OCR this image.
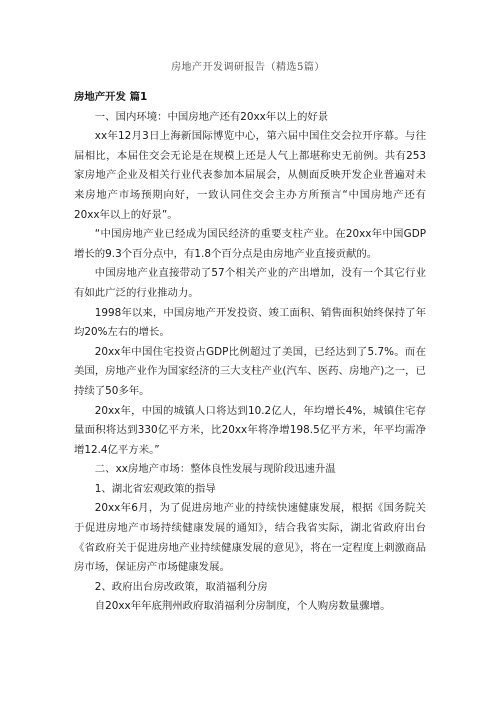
房地产开发调研报告（精选5篇）

房地产开发 篇1

一、国内环境：中国房地产还有20xx年以上的好景

xx年12月3日上海新国际博览中心，第六届中国住交会拉开序幕。与往届相比，本届住交会无论是在规模上还是人气上都堪称史无前例。共有253家房地产企业及相关行业代表参加本届展会，从侧面反映开发企业普遍对未来房地产市场预期向好，一致认同住交会主办方所预言“中国房地产还有20xx年以上的好景”。

“中国房地产业已经成为国民经济的重要支柱产业。在20xx年中国GDP增长的9.3个百分点中，有1.8个百分点是由房地产业直接贡献的。

中国房地产业直接带动了57个相关产业的产出增加，没有一个其它行业有如此广泛的行业推动力。

1998年以来，中国房地产开发投资、竣工面积、销售面积始终保持了年均20%左右的增长。

20xx年中国住宅投资占GDP比例超过了美国，已经达到了5.7%。而在美国，房地产业作为国家经济的三大支柱产业(汽车、医药、房地产)之一，已持续了50多年。

20xx年，中国的城镇人口将达到10.2亿人，年均增长4%，城镇住宅存量面积将达到330亿平方米，比20xx年将净增198.5亿平方米，年平均需净增12.4亿平方米。”

二、xx房地产市场：整体良性发展与现阶段迅速升温

1、湖北省宏观政策的指导

20xx年6月，为了促进房地产业的持续快速健康发展，根据《国务院关于促进房地产市场持续健康发展的通知》，结合我省实际，湖北省政府出台《省政府关于促进房地产业持续健康发展的意见》，将在一定程度上刺激商品房市场，保证房产市场健康发展。

2、政府出台房改政策，取消福利分房

自20xx年年底荆州政府取消福利分房制度，个人购房数量骤增。
